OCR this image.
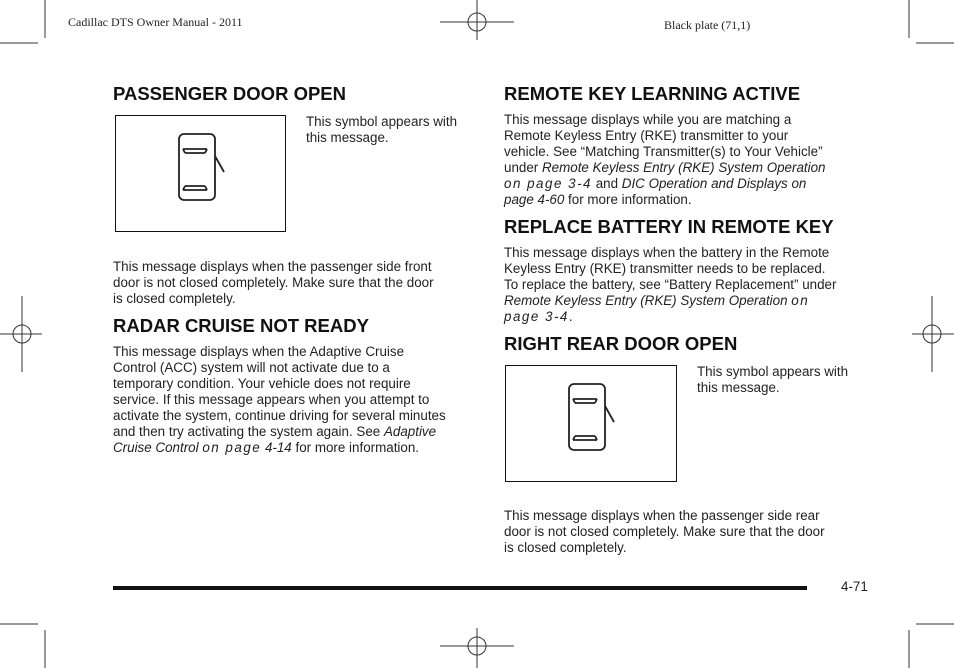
Cadillac DTS Owner Manual - 2011	Black plate (71,1)
PASSENGER DOOR OPEN
This symbol appears with
this message.
This message displays when the passenger side front
door is not closed completely. Make sure that the door
is closed completely.
RADAR CRUISE NOT READY
This message displays when the Adaptive Cruise
Control (ACC) system will not activate due to a
temporary condition. Your vehicle does not require
service. If this message appears when you attempt to
activate the system, continue driving for several minutes
and then try activating the system again. See Adaptive
Cruise Control on page 4-14 for more information.
REMOTE KEY LEARNING ACTIVE
This message displays while you are matching a
Remote Keyless Entry (RKE) transmitter to your
vehicle. See “Matching Transmitter(s) to Your Vehicle”
under Remote Keyless Entry (RKE) System Operation
on page 3-4 and DIC Operation and Displays on
page 4-60 for more information.
REPLACE BATTERY IN REMOTE KEY
This message displays when the battery in the Remote
Keyless Entry (RKE) transmitter needs to be replaced.
To replace the battery, see “Battery Replacement” under
Remote Keyless Entry (RKE) System Operation on
page 3-4.
RIGHT REAR DOOR OPEN
This symbol appears with
this message.
This message displays when the passenger side rear
door is not closed completely. Make sure that the door
is closed completely.
4-71
